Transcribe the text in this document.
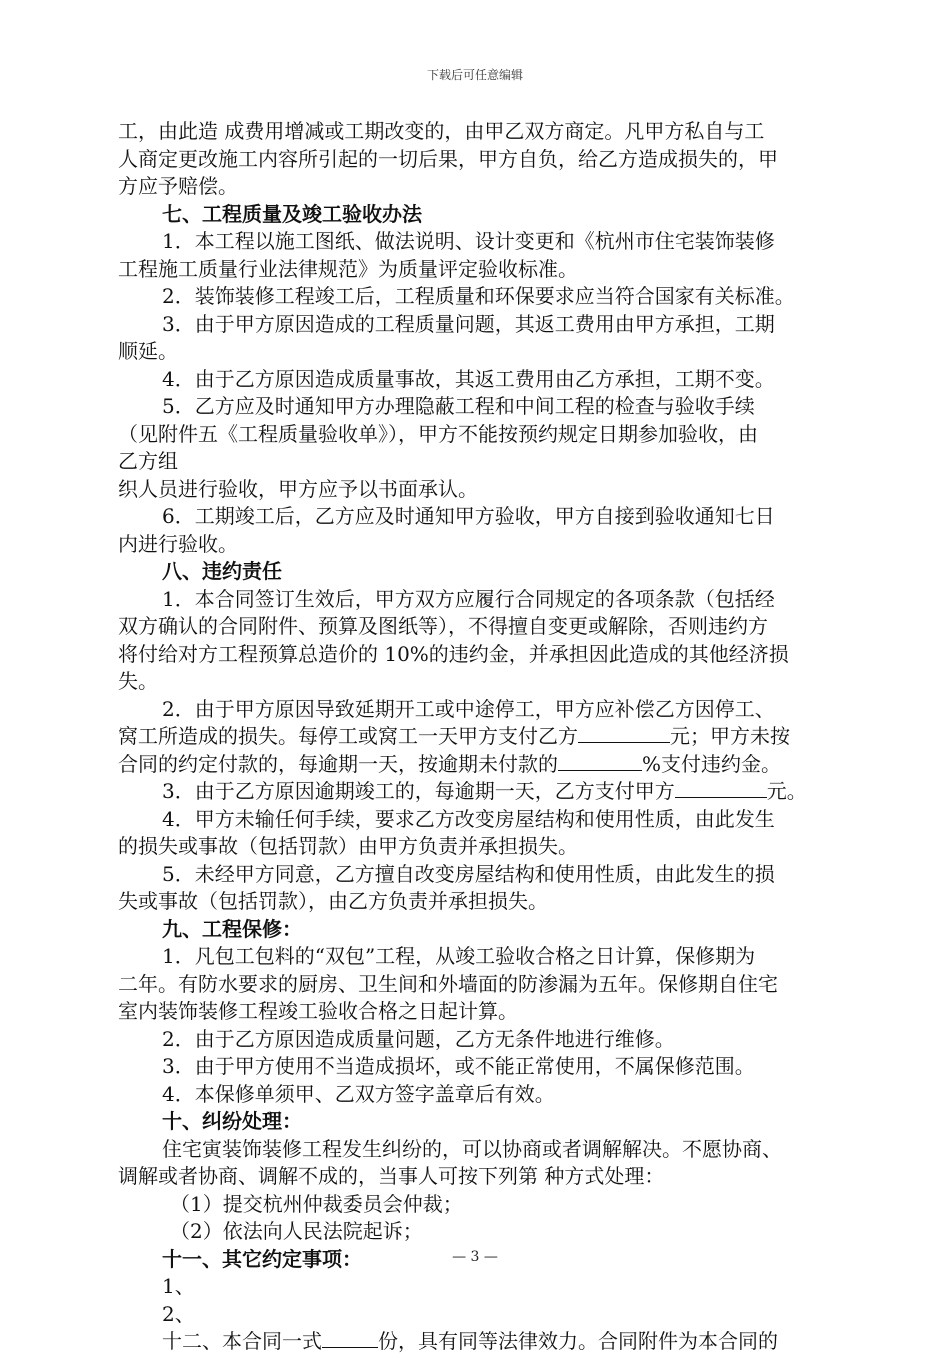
下载后可任意编辑
工，由此造 成费用增减或工期改变的，由甲乙双方商定。凡甲方私自与工
人商定更改施工内容所引起的一切后果，甲方自负，给乙方造成损失的，甲
方应予赔偿。
七、工程质量及竣工验收办法
1．本工程以施工图纸、做法说明、设计变更和《杭州市住宅装饰装修
工程施工质量行业法律规范》为质量评定验收标准。
2．装饰装修工程竣工后，工程质量和环保要求应当符合国家有关标准。
3．由于甲方原因造成的工程质量问题，其返工费用由甲方承担，工期
顺延。
4．由于乙方原因造成质量事故，其返工费用由乙方承担，工期不变。
5．乙方应及时通知甲方办理隐蔽工程和中间工程的检查与验收手续
（见附件五《工程质量验收单》），甲方不能按预约规定日期参加验收，由
乙方组
织人员进行验收，甲方应予以书面承认。
6．工期竣工后，乙方应及时通知甲方验收，甲方自接到验收通知七日
内进行验收。
八、违约责任
1．本合同签订生效后，甲方双方应履行合同规定的各项条款（包括经
双方确认的合同附件、预算及图纸等），不得擅自变更或解除，否则违约方
将付给对方工程预算总造价的 10%的违约金，并承担因此造成的其他经济损
失。
2．由于甲方原因导致延期开工或中途停工，甲方应补偿乙方因停工、
窝工所造成的损失。每停工或窝工一天甲方支付乙方	元；甲方未按
合同的约定付款的，每逾期一天，按逾期未付款的	%支付违约金。
3．由于乙方原因逾期竣工的，每逾期一天，乙方支付甲方	元。
4．甲方未输任何手续，要求乙方改变房屋结构和使用性质，由此发生
的损失或事故（包括罚款）由甲方负责并承担损失。
5．未经甲方同意，乙方擅自改变房屋结构和使用性质，由此发生的损
失或事故（包括罚款），由乙方负责并承担损失。
九、工程保修：
1．凡包工包料的“双包”工程，从竣工验收合格之日计算，保修期为
二年。有防水要求的厨房、卫生间和外墙面的防渗漏为五年。保修期自住宅
室内装饰装修工程竣工验收合格之日起计算。
2．由于乙方原因造成质量问题，乙方无条件地进行维修。
3．由于甲方使用不当造成损坏，或不能正常使用，不属保修范围。
4．本保修单须甲、乙双方签字盖章后有效。
十、纠纷处理：
住宅寅装饰装修工程发生纠纷的，可以协商或者调解解决。不愿协商、
调解或者协商、调解不成的，当事人可按下列第 种方式处理：
（1）提交杭州仲裁委员会仲裁；
（2）依法向人民法院起诉；
十一、其它约定事项：
1、
2、
十二、本合同一式	份，具有同等法律效力。合同附件为本合同的
— 3 —
